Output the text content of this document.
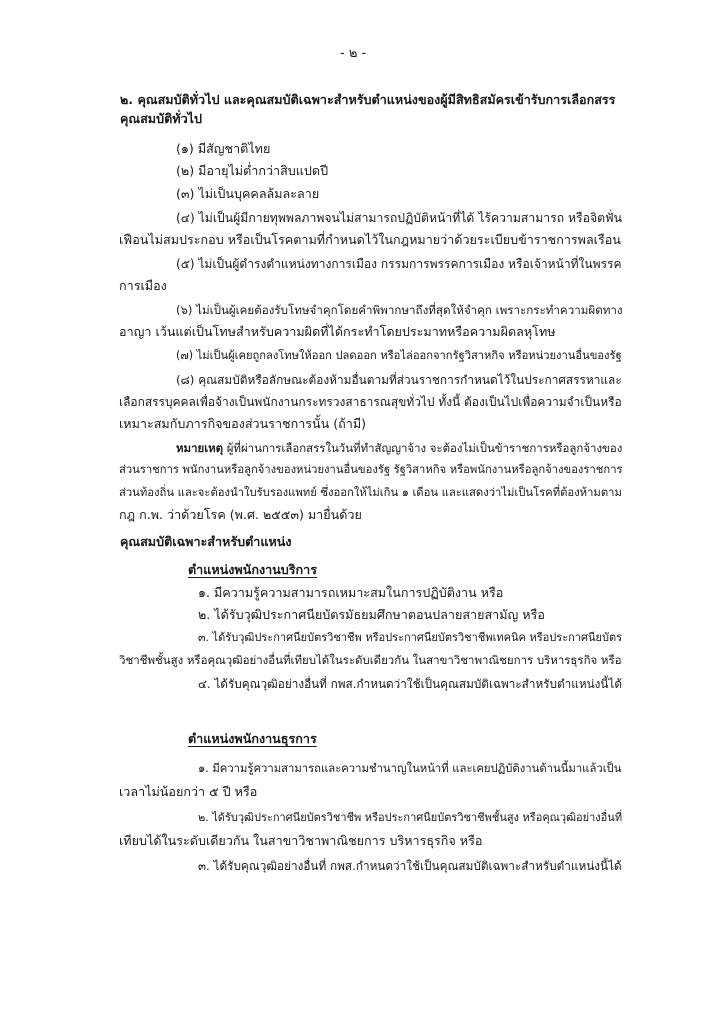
- ๒ -
๒. คุณสมบัติทั่วไป และคุณสมบัติเฉพาะสำหรับตำแหน่งของผู้มีสิทธิสมัครเข้ารับการเลือกสรร
คุณสมบัติทั่วไป
(๑) มีสัญชาติไทย
(๒) มีอายุไม่ต่ำกว่าสิบแปดปี
(๓) ไม่เป็นบุคคลล้มละลาย
(๔) ไม่เป็นผู้มีกายทุพพลภาพจนไม่สามารถปฏิบัติหน้าที่ได้ ไร้ความสามารถ หรือจิตฟั่น
เฟือนไม่สมประกอบ หรือเป็นโรคตามที่กำหนดไว้ในกฎหมายว่าด้วยระเบียบข้าราชการพลเรือน
(๕) ไม่เป็นผู้ดำรงตำแหน่งทางการเมือง กรรมการพรรคการเมือง หรือเจ้าหน้าที่ในพรรค
การเมือง
(๖) ไม่เป็นผู้เคยต้องรับโทษจำคุกโดยคำพิพากษาถึงที่สุดให้จำคุก เพราะกระทำความผิดทาง
อาญา เว้นแต่เป็นโทษสำหรับความผิดที่ได้กระทำโดยประมาทหรือความผิดลหุโทษ
(๗) ไม่เป็นผู้เคยถูกลงโทษให้ออก ปลดออก หรือไล่ออกจากรัฐวิสาหกิจ หรือหน่วยงานอื่นของรัฐ
(๘) คุณสมบัติหรือลักษณะต้องห้ามอื่นตามที่ส่วนราชการกำหนดไว้ในประกาศสรรหาและ
เลือกสรรบุคคลเพื่อจ้างเป็นพนักงานกระทรวงสาธารณสุขทั่วไป ทั้งนี้ ต้องเป็นไปเพื่อความจำเป็นหรือ
เหมาะสมกับภารกิจของส่วนราชการนั้น (ถ้ามี)
หมายเหตุ ผู้ที่ผ่านการเลือกสรรในวันที่ทำสัญญาจ้าง จะต้องไม่เป็นข้าราชการหรือลูกจ้างของ
ส่วนราชการ พนักงานหรือลูกจ้างของหน่วยงานอื่นของรัฐ รัฐวิสาหกิจ หรือพนักงานหรือลูกจ้างของราชการ
ส่วนท้องถิ่น และจะต้องนำใบรับรองแพทย์ ซึ่งออกให้ไม่เกิน ๑ เดือน และแสดงว่าไม่เป็นโรคที่ต้องห้ามตาม
กฎ ก.พ. ว่าด้วยโรค (พ.ศ. ๒๕๕๓) มายื่นด้วย
คุณสมบัติเฉพาะสำหรับตำแหน่ง
ตำแหน่งพนักงานบริการ
๑. มีความรู้ความสามารถเหมาะสมในการปฏิบัติงาน หรือ
๒. ได้รับวุฒิประกาศนียบัตรมัธยมศึกษาตอนปลายสายสามัญ หรือ
๓. ได้รับวุฒิประกาศนียบัตรวิชาชีพ หรือประกาศนียบัตรวิชาชีพเทคนิค หรือประกาศนียบัตร
วิชาชีพชั้นสูง หรือคุณวุฒิอย่างอื่นที่เทียบได้ในระดับเดียวกัน ในสาขาวิชาพาณิชยการ บริหารธุรกิจ หรือ
๔. ได้รับคุณวุฒิอย่างอื่นที่ กพส.กำหนดว่าใช้เป็นคุณสมบัติเฉพาะสำหรับตำแหน่งนี้ได้
ตำแหน่งพนักงานธุรการ
๑. มีความรู้ความสามารถและความชำนาญในหน้าที่ และเคยปฏิบัติงานด้านนี้มาแล้วเป็น
เวลาไม่น้อยกว่า ๕ ปี หรือ
๒. ได้รับวุฒิประกาศนียบัตรวิชาชีพ หรือประกาศนียบัตรวิชาชีพชั้นสูง หรือคุณวุฒิอย่างอื่นที่
เทียบได้ในระดับเดียวกัน ในสาขาวิชาพาณิชยการ บริหารธุรกิจ หรือ
๓. ได้รับคุณวุฒิอย่างอื่นที่ กพส.กำหนดว่าใช้เป็นคุณสมบัติเฉพาะสำหรับตำแหน่งนี้ได้
